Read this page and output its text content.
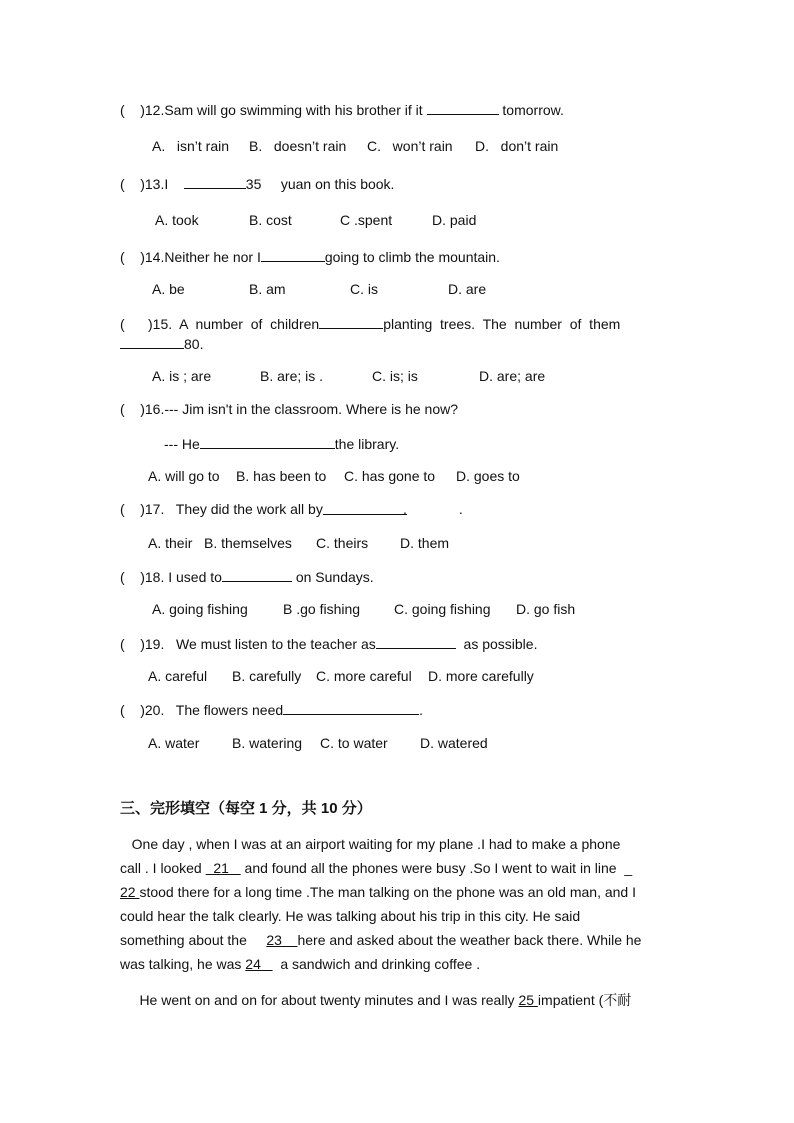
(    )12.Sam will go swimming with his brother if it	tomorrow.
A.   isn’t rain B.   doesn’t rain C.   won’t rain D.   don’t rain
(    )13.I	35     yuan on this book.
A. took	B. cost	C .spent	D. paid
(    )14.Neither he nor I	going to climb the mountain.
A. be	B. am	C. is	D. are
(      )15.  A  number  of  children	planting  trees.  The  number  of  them
80.
A. is ; are	B. are; is .	C. is; is	D. are; are
(    )16.--- Jim isn't in the classroom. Where is he now?
--- He	the library.
A. will go to B. has been to C. has gone to D. goes to
(    )17.   They did the work all by	.	.
A. their B. themselves C. theirs D. them
(    )18. I used to	on Sundays.
A. going fishing	B .go fishing C. going fishing D. go fish
(    )19.   We must listen to the teacher as	as possible.
A. careful B. carefully C. more careful D. more carefully
(    )20.   The flowers need	.
A. water B. watering C. to water D. watered
三、完形填空（每空 1 分，共 10 分）
One day , when I was at an airport waiting for my plane .I had to make a phone
call . I looked   21    and found all the phones were busy .So I went to wait in line  _
22 stood there for a long time .The man talking on the phone was an old man, and I
could hear the talk clearly. He was talking about his trip in this city. He said
something about the     23    here and asked about the weather back there. While he
was talking, he was 24     a sandwich and drinking coffee .
He went on and on for about twenty minutes and I was really 25 impatient (不耐
